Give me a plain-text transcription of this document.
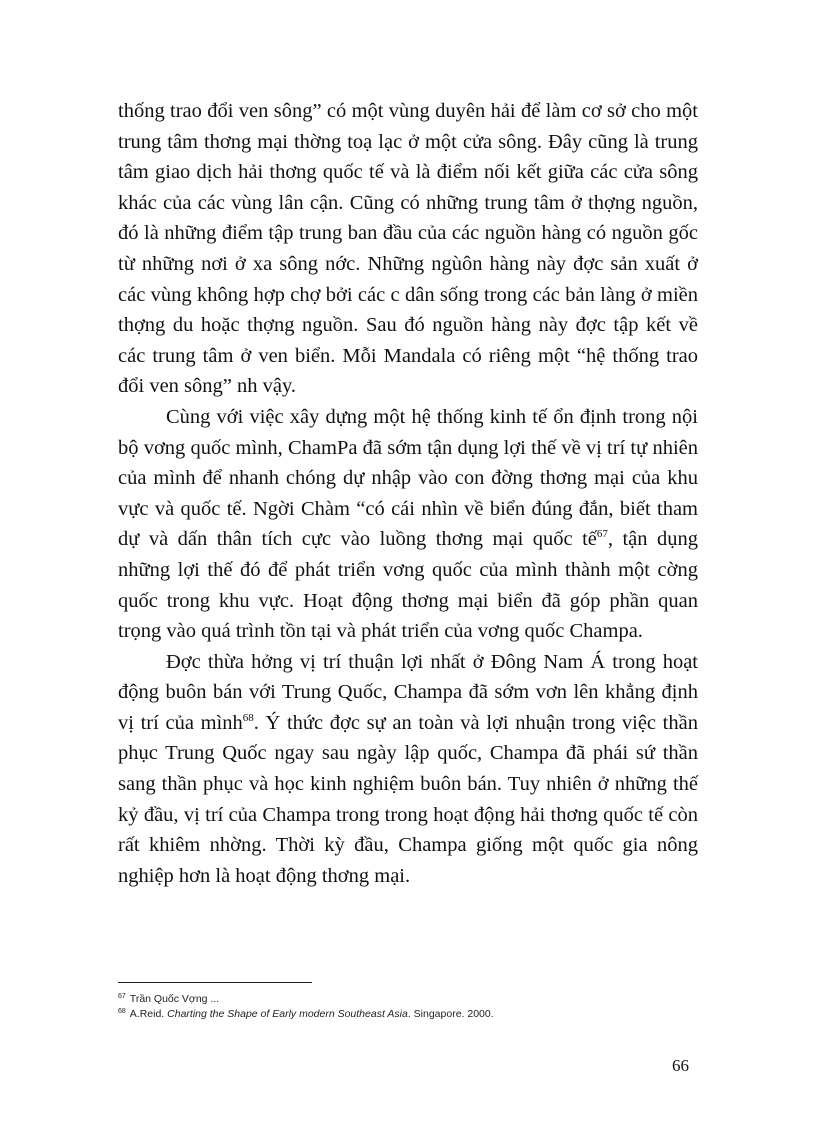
thống trao đổi ven sông” có một vùng duyên hải để làm cơ sở cho một trung tâm thơng mại thờng toạ lạc ở một cửa sông. Đây cũng là trung tâm giao dịch hải thơng quốc tế và là điểm nối kết giữa các cửa sông khác của các vùng lân cận. Cũng có những trung tâm ở thợng nguồn, đó là những điểm tập trung ban đầu của các nguồn hàng có nguồn gốc từ những nơi ở xa sông nớc. Những ngùôn hàng này đợc sản xuất ở các vùng không hợp chợ bởi các c dân sống trong các bản làng ở miền thợng du hoặc thợng nguồn. Sau đó nguồn hàng này đợc tập kết về các trung tâm ở ven biển. Mỗi Mandala có riêng một “hệ thống trao đổi ven sông” nh vậy.

Cùng với việc xây dựng một hệ thống kinh tế ổn định trong nội bộ vơng quốc mình, ChamPa đã sớm tận dụng lợi thế về vị trí tự nhiên của mình để nhanh chóng dự nhập vào con đờng thơng mại của khu vực và quốc tế. Ngời Chàm “có cái nhìn về biển đúng đắn, biết tham dự và dấn thân tích cực vào luồng thơng mại quốc tế$^{67}$, tận dụng những lợi thế đó để phát triển vơng quốc của mình thành một cờng quốc trong khu vực. Hoạt động thơng mại biển đã góp phần quan trọng vào quá trình tồn tại và phát triển của vơng quốc Champa.

Đợc thừa hởng vị trí thuận lợi nhất ở Đông Nam Á trong hoạt động buôn bán với Trung Quốc, Champa đã sớm vơn lên khẳng định vị trí của mình$^{68}$. Ý thức đợc sự an toàn và lợi nhuận trong việc thần phục Trung Quốc ngay sau ngày lập quốc, Champa đã phái sứ thần sang thần phục và học kinh nghiệm buôn bán. Tuy nhiên ở những thế kỷ đầu, vị trí của Champa trong trong hoạt động hải thơng quốc tế còn rất khiêm nhờng. Thời kỳ đầu, Champa giống một quốc gia nông nghiệp hơn là hoạt động thơng mại.

$^{67}$ Trần Quốc Vợng ...
$^{68}$ A.Reid. Charting the Shape of Early modern Southeast Asia. Singapore. 2000.
66
